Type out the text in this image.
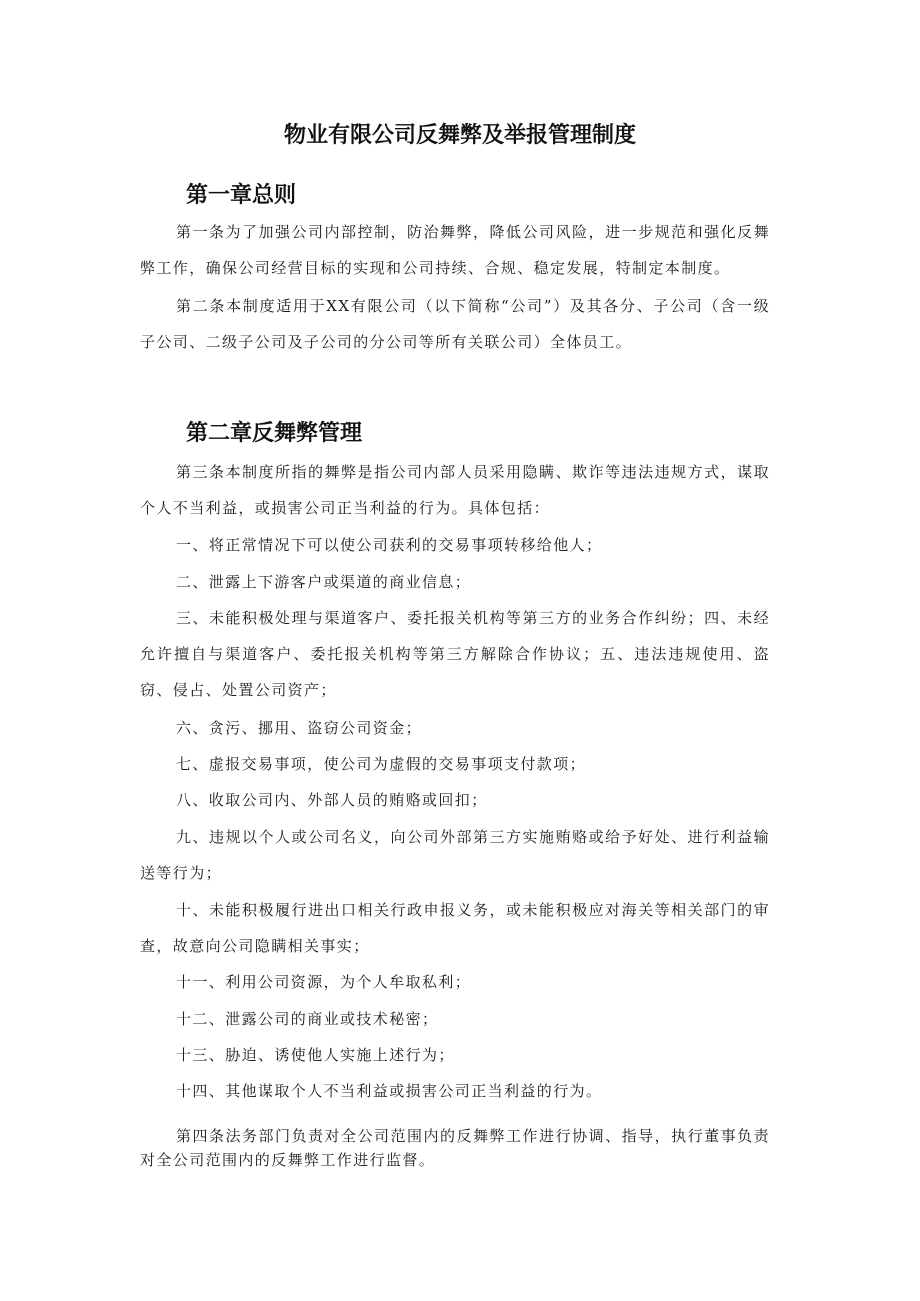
物业有限公司反舞弊及举报管理制度
第一章总则

第一条为了加强公司内部控制，防治舞弊，降低公司风险，进一步规范和强化反舞弊工作，确保公司经营目标的实现和公司持续、合规、稳定发展，特制定本制度。

第二条本制度适用于XX有限公司（以下简称“公司”）及其各分、子公司（含一级子公司、二级子公司及子公司的分公司等所有关联公司）全体员工。

第二章反舞弊管理

第三条本制度所指的舞弊是指公司内部人员采用隐瞒、欺诈等违法违规方式，谋取个人不当利益，或损害公司正当利益的行为。具体包括：

一、将正常情况下可以使公司获利的交易事项转移给他人；

二、泄露上下游客户或渠道的商业信息；

三、未能积极处理与渠道客户、委托报关机构等第三方的业务合作纠纷；四、未经允许擅自与渠道客户、委托报关机构等第三方解除合作协议；五、违法违规使用、盗窃、侵占、处置公司资产；

六、贪污、挪用、盗窃公司资金；

七、虚报交易事项，使公司为虚假的交易事项支付款项；

八、收取公司内、外部人员的贿赂或回扣；

九、违规以个人或公司名义，向公司外部第三方实施贿赂或给予好处、进行利益输送等行为；

十、未能积极履行进出口相关行政申报义务，或未能积极应对海关等相关部门的审查，故意向公司隐瞒相关事实；

十一、利用公司资源，为个人牟取私利；

十二、泄露公司的商业或技术秘密；

十三、胁迫、诱使他人实施上述行为；

十四、其他谋取个人不当利益或损害公司正当利益的行为。

第四条法务部门负责对全公司范围内的反舞弊工作进行协调、指导，执行董事负责对全公司范围内的反舞弊工作进行监督。
